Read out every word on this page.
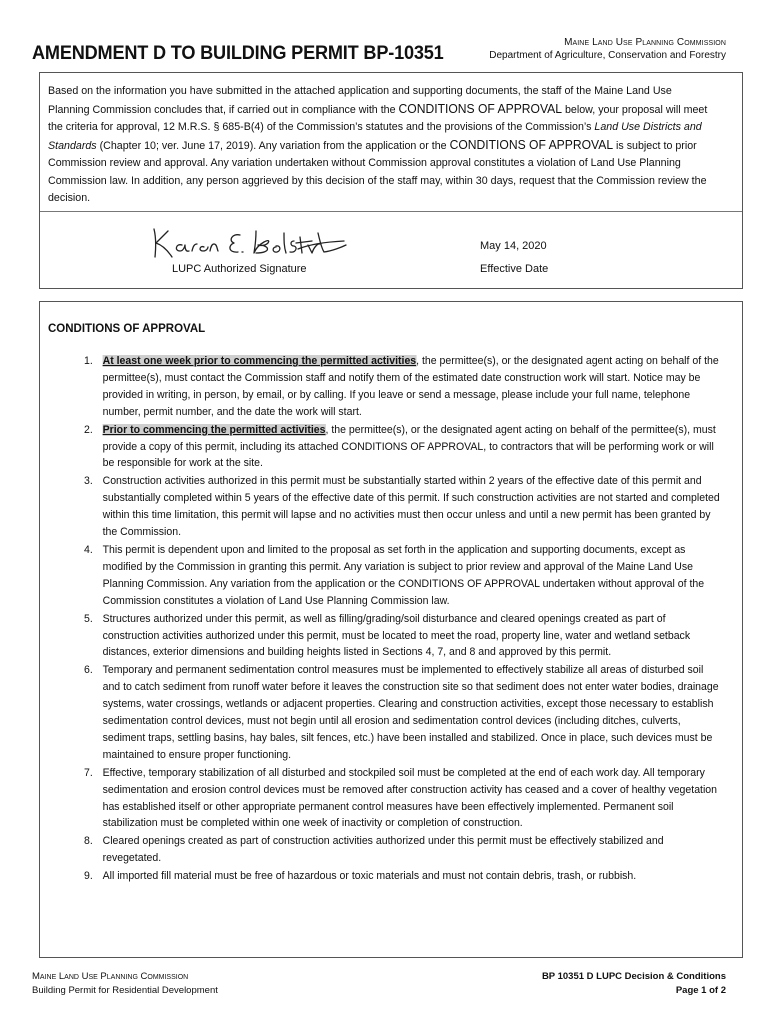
AMENDMENT D TO BUILDING PERMIT BP-10351	Maine Land Use Planning Commission
Department of Agriculture, Conservation and Forestry
Based on the information you have submitted in the attached application and supporting documents, the staff of the Maine Land Use Planning Commission concludes that, if carried out in compliance with the CONDITIONS OF APPROVAL below, your proposal will meet the criteria for approval, 12 M.R.S. § 685-B(4) of the Commission’s statutes and the provisions of the Commission’s Land Use Districts and Standards (Chapter 10; ver. June 17, 2019). Any variation from the application or the CONDITIONS OF APPROVAL is subject to prior Commission review and approval. Any variation undertaken without Commission approval constitutes a violation of Land Use Planning Commission law. In addition, any person aggrieved by this decision of the staff may, within 30 days, request that the Commission review the decision.
LUPC Authorized Signature
May 14, 2020
Effective Date
CONDITIONS OF APPROVAL
1. At least one week prior to commencing the permitted activities, the permittee(s), or the designated agent acting on behalf of the permittee(s), must contact the Commission staff and notify them of the estimated date construction work will start. Notice may be provided in writing, in person, by email, or by calling. If you leave or send a message, please include your full name, telephone number, permit number, and the date the work will start.
2. Prior to commencing the permitted activities, the permittee(s), or the designated agent acting on behalf of the permittee(s), must provide a copy of this permit, including its attached CONDITIONS OF APPROVAL, to contractors that will be performing work or will be responsible for work at the site.
3. Construction activities authorized in this permit must be substantially started within 2 years of the effective date of this permit and substantially completed within 5 years of the effective date of this permit. If such construction activities are not started and completed within this time limitation, this permit will lapse and no activities must then occur unless and until a new permit has been granted by the Commission.
4. This permit is dependent upon and limited to the proposal as set forth in the application and supporting documents, except as modified by the Commission in granting this permit. Any variation is subject to prior review and approval of the Maine Land Use Planning Commission. Any variation from the application or the CONDITIONS OF APPROVAL undertaken without approval of the Commission constitutes a violation of Land Use Planning Commission law.
5. Structures authorized under this permit, as well as filling/grading/soil disturbance and cleared openings created as part of construction activities authorized under this permit, must be located to meet the road, property line, water and wetland setback distances, exterior dimensions and building heights listed in Sections 4, 7, and 8 and approved by this permit.
6. Temporary and permanent sedimentation control measures must be implemented to effectively stabilize all areas of disturbed soil and to catch sediment from runoff water before it leaves the construction site so that sediment does not enter water bodies, drainage systems, water crossings, wetlands or adjacent properties. Clearing and construction activities, except those necessary to establish sedimentation control devices, must not begin until all erosion and sedimentation control devices (including ditches, culverts, sediment traps, settling basins, hay bales, silt fences, etc.) have been installed and stabilized. Once in place, such devices must be maintained to ensure proper functioning.
7. Effective, temporary stabilization of all disturbed and stockpiled soil must be completed at the end of each work day. All temporary sedimentation and erosion control devices must be removed after construction activity has ceased and a cover of healthy vegetation has established itself or other appropriate permanent control measures have been effectively implemented. Permanent soil stabilization must be completed within one week of inactivity or completion of construction.
8. Cleared openings created as part of construction activities authorized under this permit must be effectively stabilized and revegetated.
9. All imported fill material must be free of hazardous or toxic materials and must not contain debris, trash, or rubbish.
Maine Land Use Planning Commission
Building Permit for Residential Development
BP 10351 D LUPC Decision & Conditions
Page 1 of 2
